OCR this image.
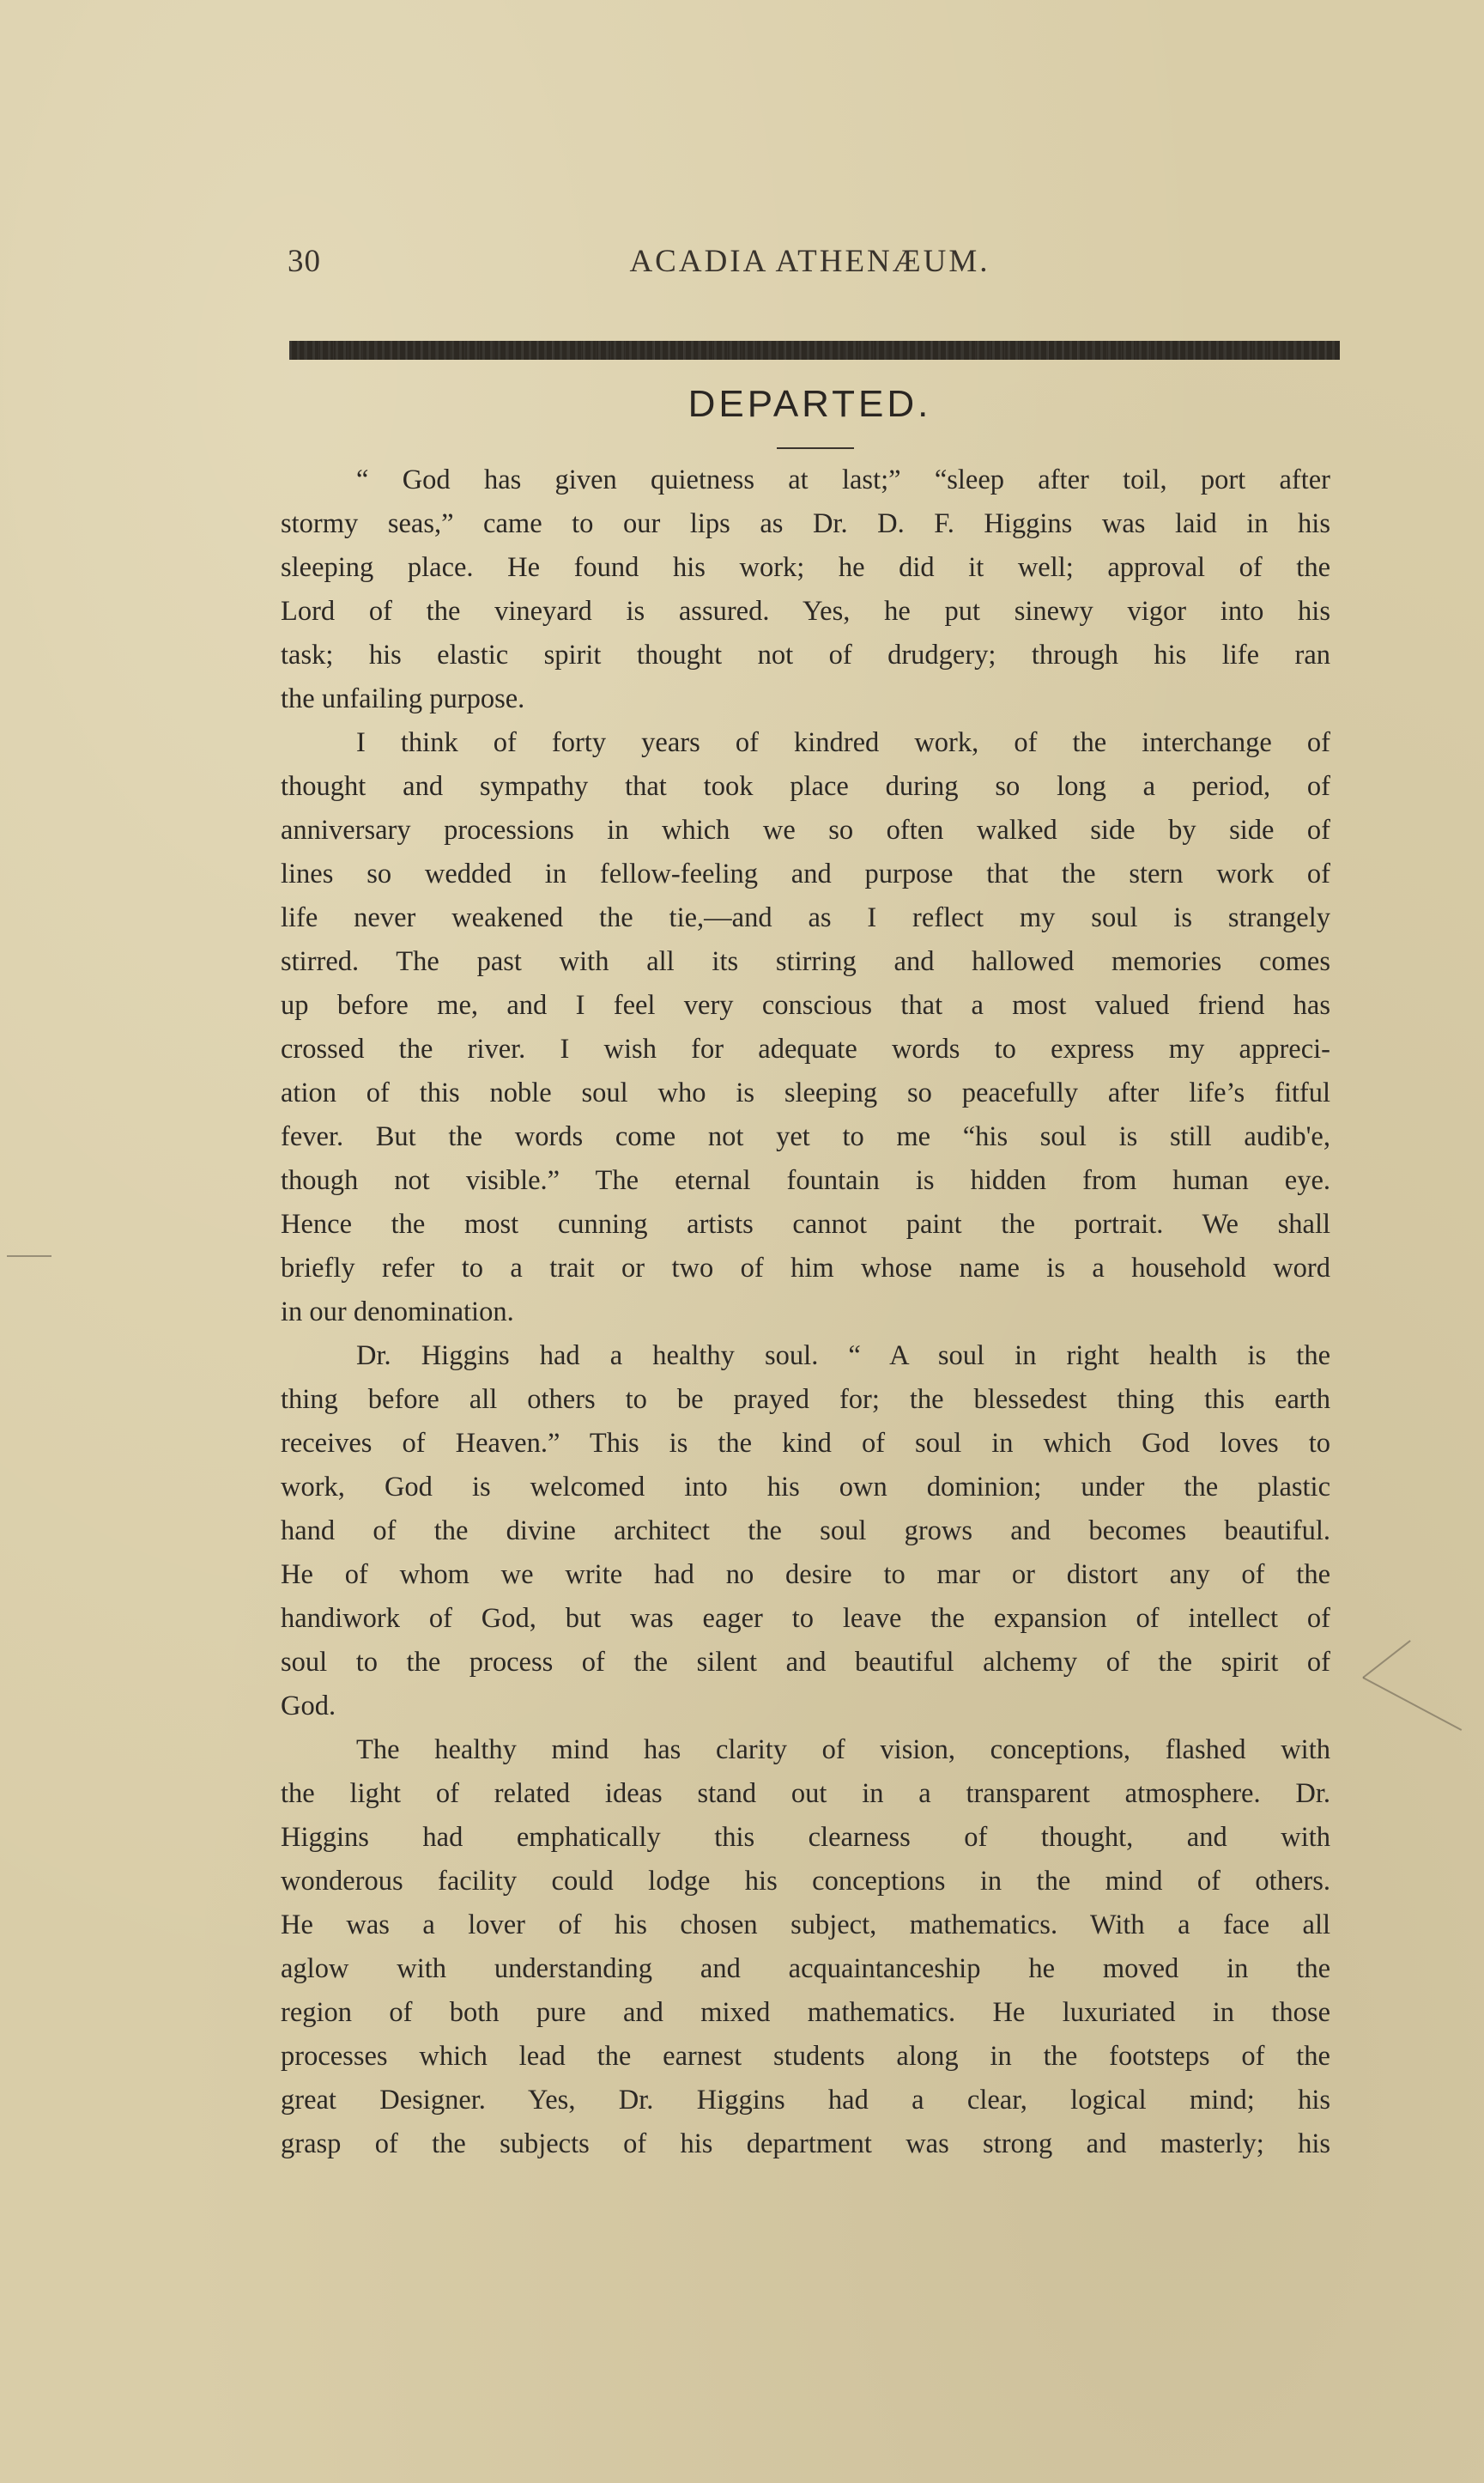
30	ACADIA ATHENÆUM.
DEPARTED.

“ God has given quietness at last;” “sleep after toil, port after
stormy seas,” came to our lips as Dr. D. F. Higgins was laid in his
sleeping place. He found his work; he did it well; approval of the
Lord of the vineyard is assured. Yes, he put sinewy vigor into his
task; his elastic spirit thought not of drudgery; through his life ran
the unfailing purpose.

I think of forty years of kindred work, of the interchange of
thought and sympathy that took place during so long a period, of
anniversary processions in which we so often walked side by side of
lines so wedded in fellow-feeling and purpose that the stern work of
life never weakened the tie,—and as I reflect my soul is strangely
stirred. The past with all its stirring and hallowed memories comes
up before me, and I feel very conscious that a most valued friend has
crossed the river. I wish for adequate words to express my appreci-
ation of this noble soul who is sleeping so peacefully after life’s fitful
fever. But the words come not yet to me “his soul is still audib'e,
though not visible.” The eternal fountain is hidden from human eye.
Hence the most cunning artists cannot paint the portrait. We shall
briefly refer to a trait or two of him whose name is a household word
in our denomination.

Dr. Higgins had a healthy soul. “ A soul in right health is the
thing before all others to be prayed for; the blessedest thing this earth
receives of Heaven.” This is the kind of soul in which God loves to
work, God is welcomed into his own dominion; under the plastic
hand of the divine architect the soul grows and becomes beautiful.
He of whom we write had no desire to mar or distort any of the
handiwork of God, but was eager to leave the expansion of intellect of
soul to the process of the silent and beautiful alchemy of the spirit of
God.

The healthy mind has clarity of vision, conceptions, flashed with
the light of related ideas stand out in a transparent atmosphere. Dr.
Higgins had emphatically this clearness of thought, and with
wonderous facility could lodge his conceptions in the mind of others.
He was a lover of his chosen subject, mathematics. With a face all
aglow with understanding and acquaintanceship he moved in the
region of both pure and mixed mathematics. He luxuriated in those
processes which lead the earnest students along in the footsteps of the
great Designer. Yes, Dr. Higgins had a clear, logical mind; his
grasp of the subjects of his department was strong and masterly; his
